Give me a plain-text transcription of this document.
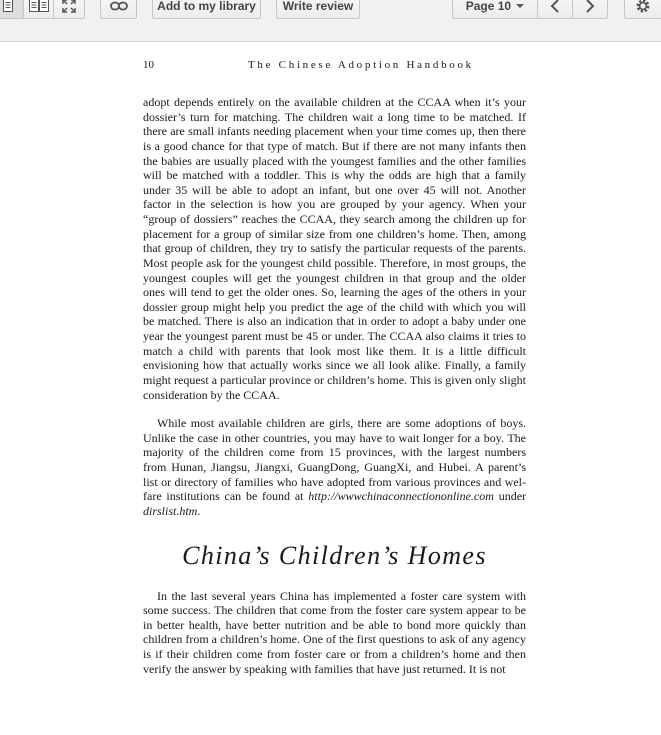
Add to my library	Write review	Page 10
10	The Chinese Adoption Handbook

adopt depends entirely on the available children at the CCAA when it’s your dossier’s turn for matching. The children wait a long time to be matched. If there are small infants needing placement when your time comes up, then there is a good chance for that type of match. But if there are not many infants then the babies are usually placed with the youngest families and the other families will be matched with a toddler. This is why the odds are high that a family under 35 will be able to adopt an infant, but one over 45 will not. Another factor in the selection is how you are grouped by your agency. When your “group of dossiers” reaches the CCAA, they search among the children up for placement for a group of similar size from one children’s home. Then, among that group of children, they try to satisfy the particular requests of the parents. Most people ask for the youngest child possible. Therefore, in most groups, the youngest couples will get the youngest children in that group and the older ones will tend to get the older ones. So, learning the ages of the others in your dossier group might help you predict the age of the child with which you will be matched. There is also an indication that in order to adopt a baby under one year the youngest parent must be 45 or under. The CCAA also claims it tries to match a child with parents that look most like them. It is a little difficult envisioning how that actually works since we all look alike. Finally, a family might request a particular province or children’s home. This is given only slight consideration by the CCAA.

While most available children are girls, there are some adoptions of boys. Unlike the case in other countries, you may have to wait longer for a boy. The majority of the children come from 15 provinces, with the largest numbers from Hunan, Jiangsu, Jiangxi, GuangDong, GuangXi, and Hubei. A parent’s list or directory of families who have adopted from various provinces and welfare institutions can be found at http://wwwchinaconnectiononline.com under dirslist.htm.

China’s Children’s Homes

In the last several years China has implemented a foster care system with some success. The children that come from the foster care system appear to be in better health, have better nutrition and be able to bond more quickly than children from a children’s home. One of the first questions to ask of any agency is if their children come from foster care or from a children’s home and then verify the answer by speaking with families that have just returned. It is not
